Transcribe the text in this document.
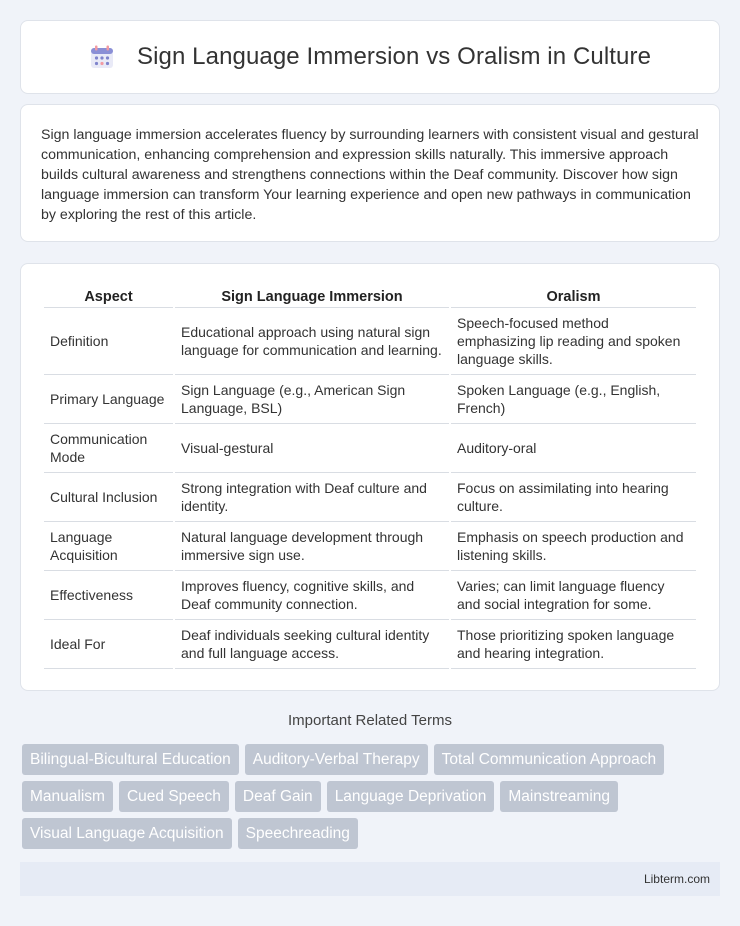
Sign Language Immersion vs Oralism in Culture

Sign language immersion accelerates fluency by surrounding learners with consistent visual and gestural communication, enhancing comprehension and expression skills naturally. This immersive approach builds cultural awareness and strengthens connections within the Deaf community. Discover how sign language immersion can transform Your learning experience and open new pathways in communication by exploring the rest of this article.

Aspect	Sign Language Immersion	Oralism
Definition	Educational approach using natural sign language for communication and learning.	Speech-focused method emphasizing lip reading and spoken language skills.
Primary Language	Sign Language (e.g., American Sign Language, BSL)	Spoken Language (e.g., English, French)
Communication Mode	Visual-gestural	Auditory-oral
Cultural Inclusion	Strong integration with Deaf culture and identity.	Focus on assimilating into hearing culture.
Language Acquisition	Natural language development through immersive sign use.	Emphasis on speech production and listening skills.
Effectiveness	Improves fluency, cognitive skills, and Deaf community connection.	Varies; can limit language fluency and social integration for some.
Ideal For	Deaf individuals seeking cultural identity and full language access.	Those prioritizing spoken language and hearing integration.
Important Related Terms
Bilingual-Bicultural Education	Auditory-Verbal Therapy	Total Communication Approach
Manualism	Cued Speech	Deaf Gain	Language Deprivation	Mainstreaming
Visual Language Acquisition	Speechreading
Libterm.com
